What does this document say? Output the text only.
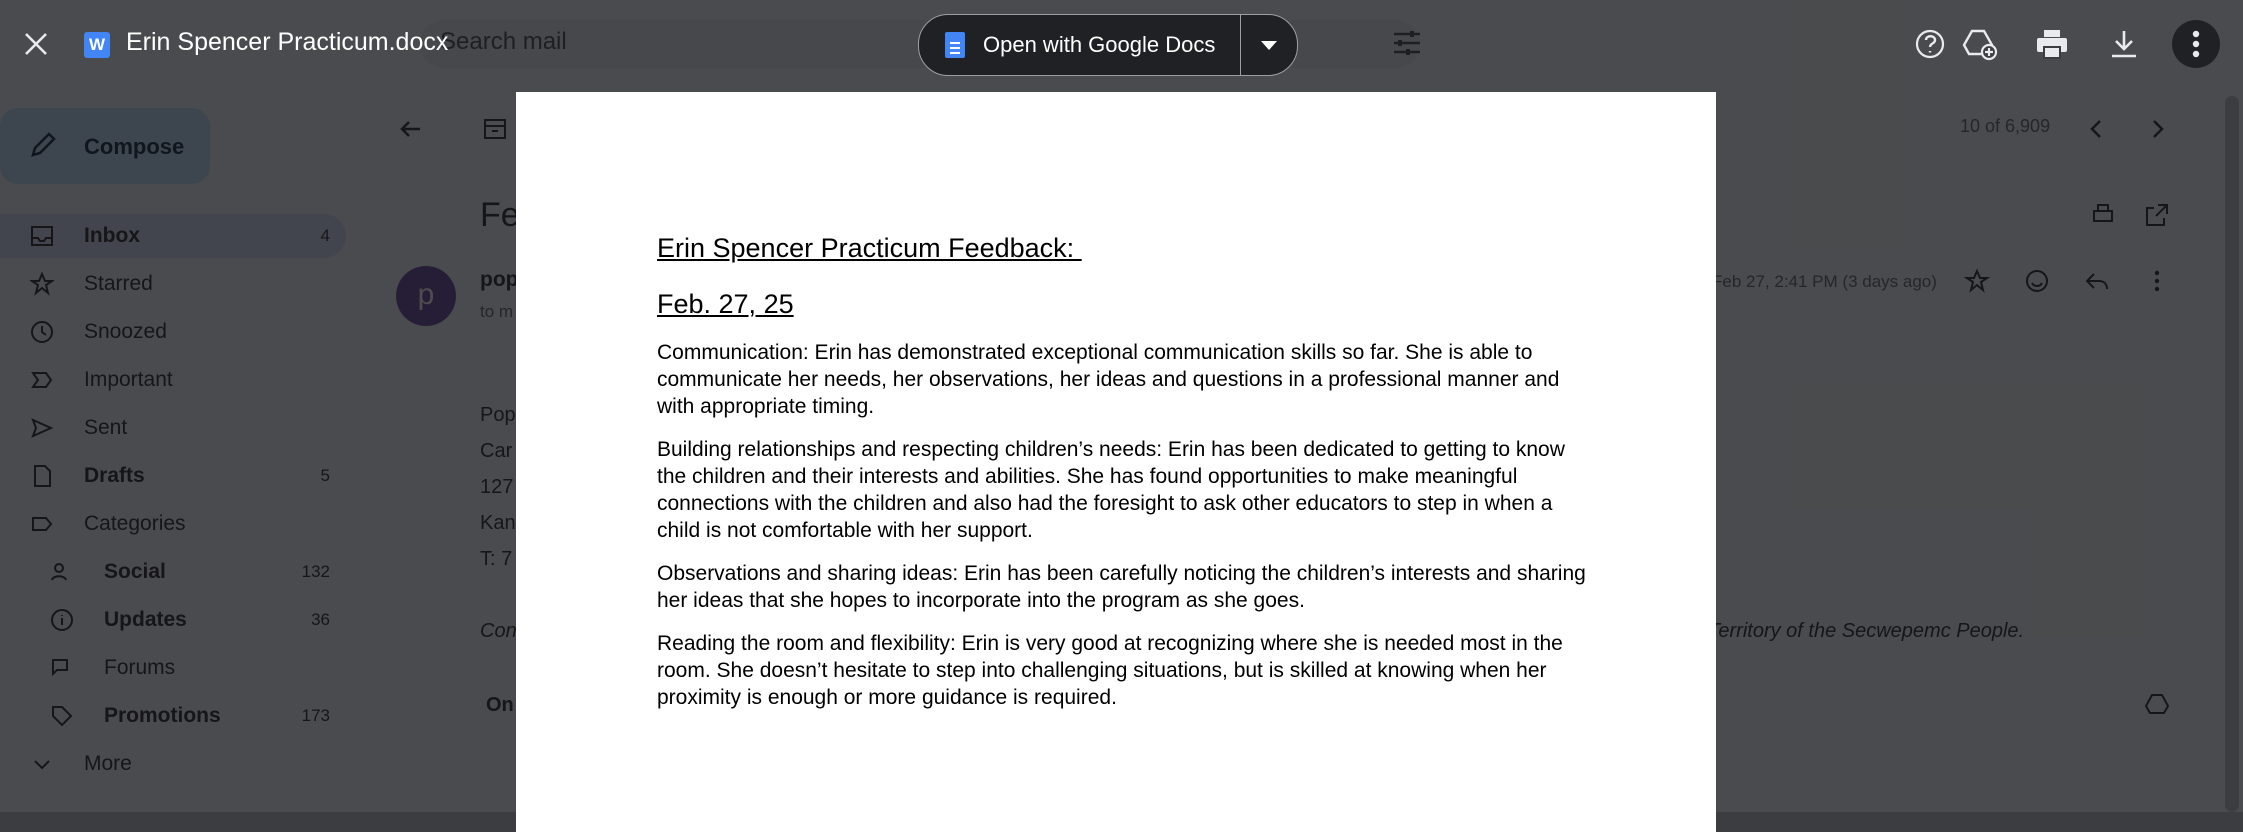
W Erin Spencer Practicum.docx	Open with Google Docs

Erin Spencer Practicum Feedback:

Feb. 27, 25

Communication: Erin has demonstrated exceptional communication skills so far. She is able to communicate her needs, her observations, her ideas and questions in a professional manner and with appropriate timing.

Building relationships and respecting children’s needs: Erin has been dedicated to getting to know the children and their interests and abilities. She has found opportunities to make meaningful connections with the children and also had the foresight to ask other educators to step in when a child is not comfortable with her support.

Observations and sharing ideas: Erin has been carefully noticing the children’s interests and sharing her ideas that she hopes to incorporate into the program as she goes.

Reading the room and flexibility: Erin is very good at recognizing where she is needed most in the room. She doesn’t hesitate to step into challenging situations, but is skilled at knowing when her proximity is enough or more guidance is required.
